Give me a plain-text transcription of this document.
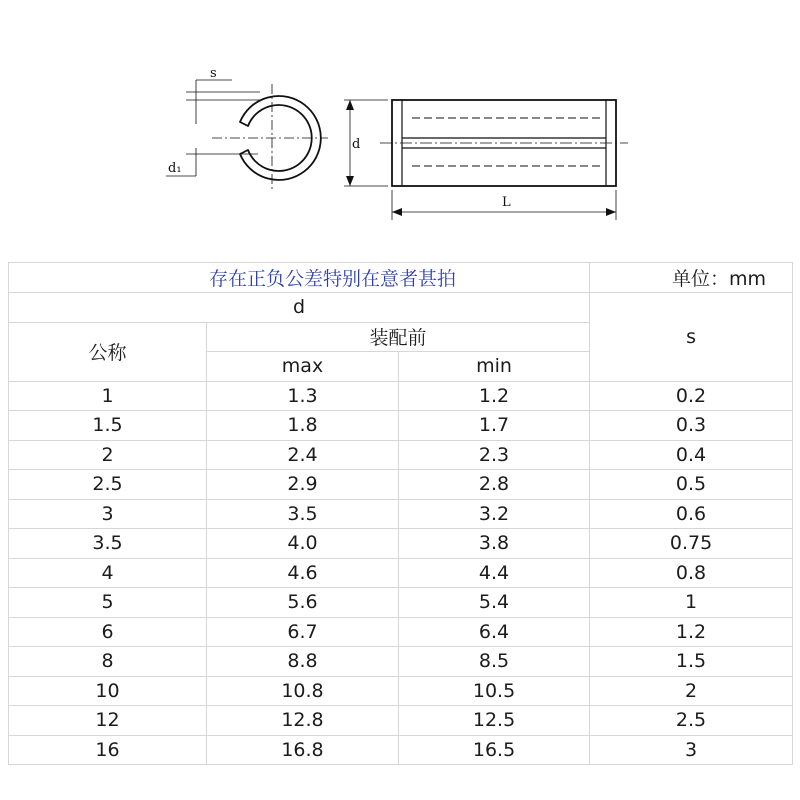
s
d₁
d
L
存在正负公差特别在意者甚拍			单位：mm
d			s
公称	装配前		
	max	min	
1	1.3	1.2	0.2
1.5	1.8	1.7	0.3
2	2.4	2.3	0.4
2.5	2.9	2.8	0.5
3	3.5	3.2	0.6
3.5	4.0	3.8	0.75
4	4.6	4.4	0.8
5	5.6	5.4	1
6	6.7	6.4	1.2
8	8.8	8.5	1.5
10	10.8	10.5	2
12	12.8	12.5	2.5
16	16.8	16.5	3
